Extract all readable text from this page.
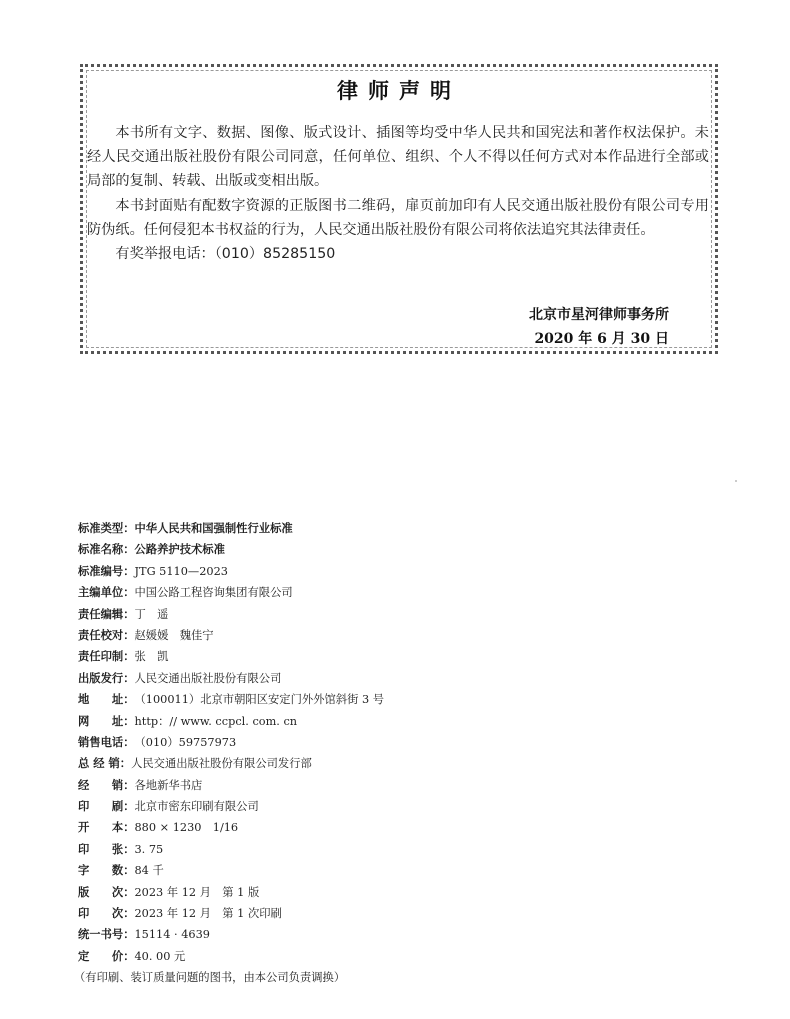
律师声明

本书所有文字、数据、图像、版式设计、插图等均受中华人民共和国宪法和著作权法保护。未经人民交通出版社股份有限公司同意，任何单位、组织、个人不得以任何方式对本作品进行全部或局部的复制、转载、出版或变相出版。

本书封面贴有配数字资源的正版图书二维码，扉页前加印有人民交通出版社股份有限公司专用防伪纸。任何侵犯本书权益的行为，人民交通出版社股份有限公司将依法追究其法律责任。

有奖举报电话：（010）85285150

北京市星河律师事务所
2020 年 6 月 30 日
标准类型：中华人民共和国强制性行业标准
标准名称：公路养护技术标准
标准编号：JTG 5110—2023
主编单位：中国公路工程咨询集团有限公司
责任编辑：丁　遥
责任校对：赵媛媛　魏佳宁
责任印制：张　凯
出版发行：人民交通出版社股份有限公司
地　　址：（100011）北京市朝阳区安定门外外馆斜街 3 号
网　　址：http：// www. ccpcl. com. cn
销售电话：（010）59757973
总 经 销：人民交通出版社股份有限公司发行部
经　　销：各地新华书店
印　　刷：北京市密东印刷有限公司
开　　本：880 × 1230　1/16
印　　张：3. 75
字　　数：84 千
版　　次：2023 年 12 月　第 1 版
印　　次：2023 年 12 月　第 1 次印刷
统一书号：15114 · 4639
定　　价：40. 00 元
（有印刷、装订质量问题的图书，由本公司负责调换）
